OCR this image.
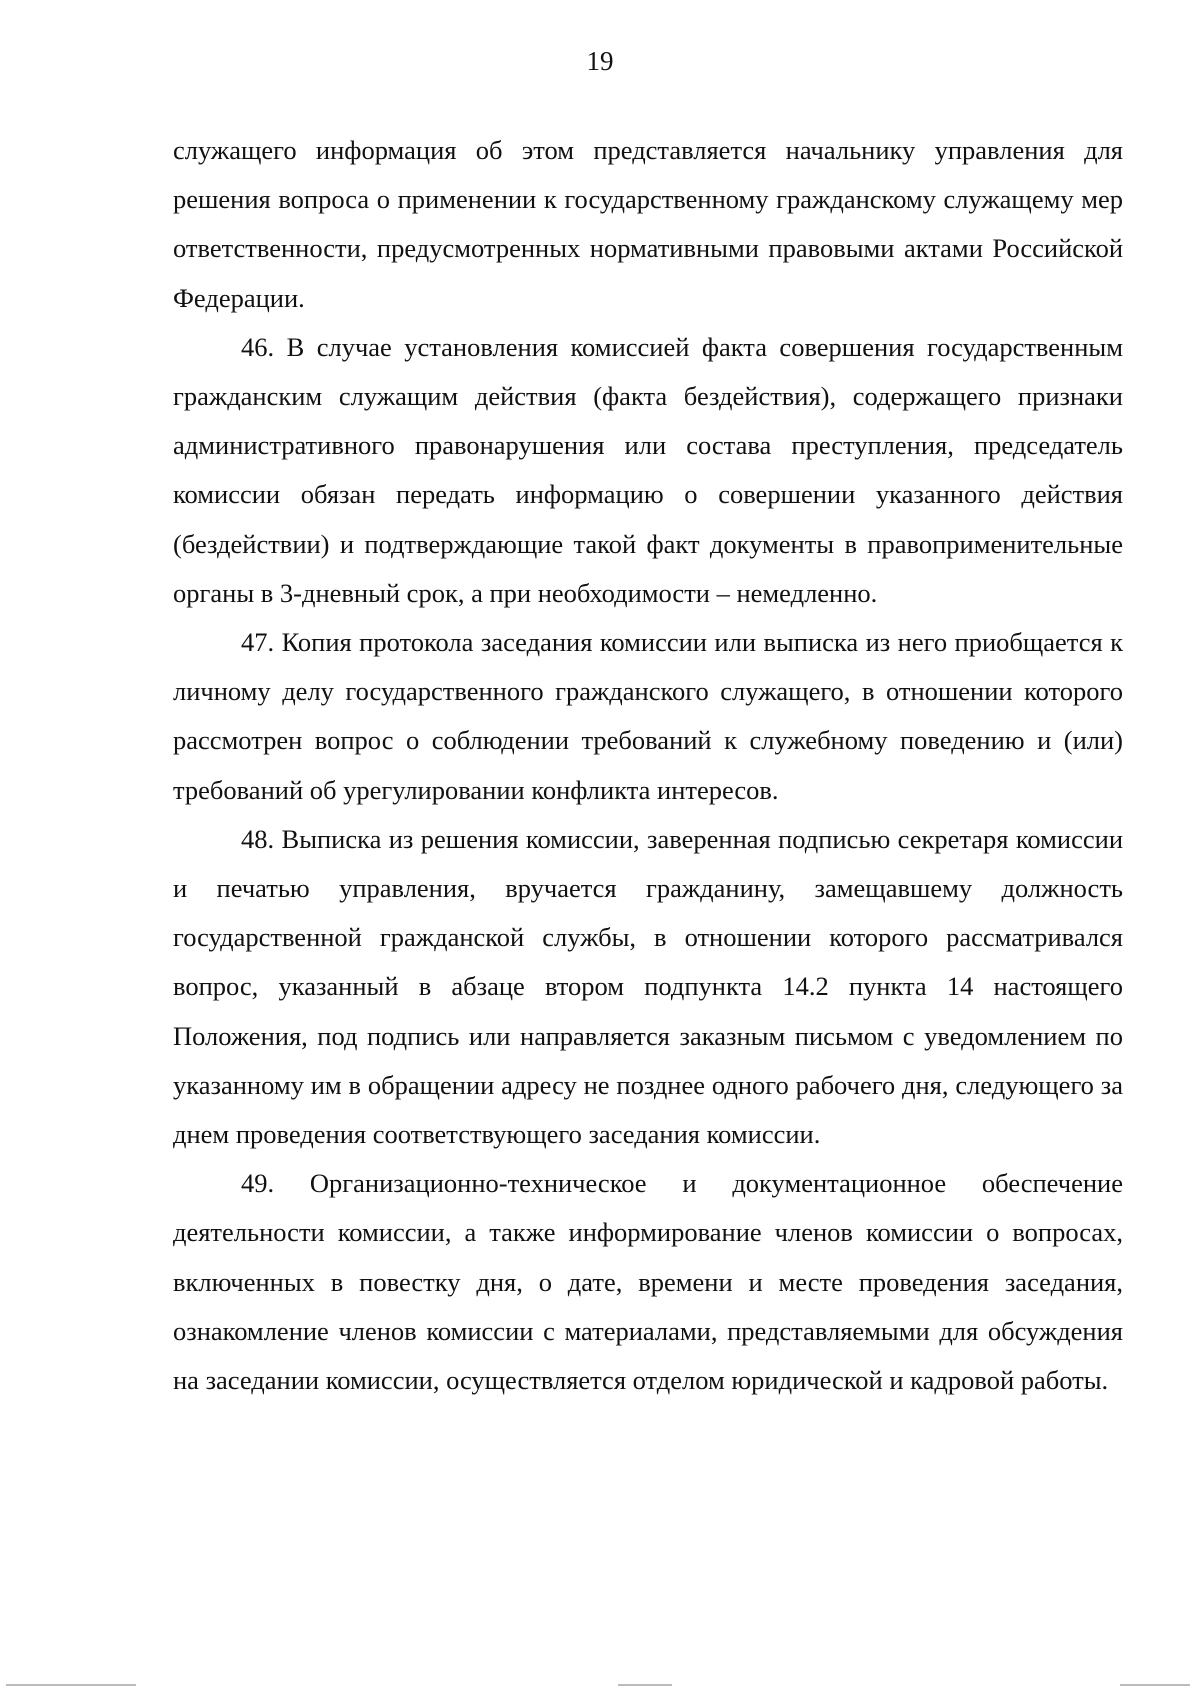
19

служащего информация об этом представляется начальнику управления для решения вопроса о применении к государственному гражданскому служащему мер ответственности, предусмотренных нормативными правовыми актами Российской Федерации.

46. В случае установления комиссией факта совершения государственным гражданским служащим действия (факта бездействия), содержащего признаки административного правонарушения или состава преступления, председатель комиссии обязан передать информацию о совершении указанного действия (бездействии) и подтверждающие такой факт документы в правоприменительные органы в 3-дневный срок, а при необходимости – немедленно.

47. Копия протокола заседания комиссии или выписка из него приобщается к личному делу государственного гражданского служащего, в отношении которого рассмотрен вопрос о соблюдении требований к служебному поведению и (или) требований об урегулировании конфликта интересов.

48. Выписка из решения комиссии, заверенная подписью секретаря комиссии и печатью управления, вручается гражданину, замещавшему должность государственной гражданской службы, в отношении которого рассматривался вопрос, указанный в абзаце втором подпункта 14.2 пункта 14 настоящего Положения, под подпись или направляется заказным письмом с уведомлением по указанному им в обращении адресу не позднее одного рабочего дня, следующего за днем проведения соответствующего заседания комиссии.

49. Организационно-техническое и документационное обеспечение деятельности комиссии, а также информирование членов комиссии о вопросах, включенных в повестку дня, о дате, времени и месте проведения заседания, ознакомление членов комиссии с материалами, представляемыми для обсуждения на заседании комиссии, осуществляется отделом юридической и кадровой работы.
